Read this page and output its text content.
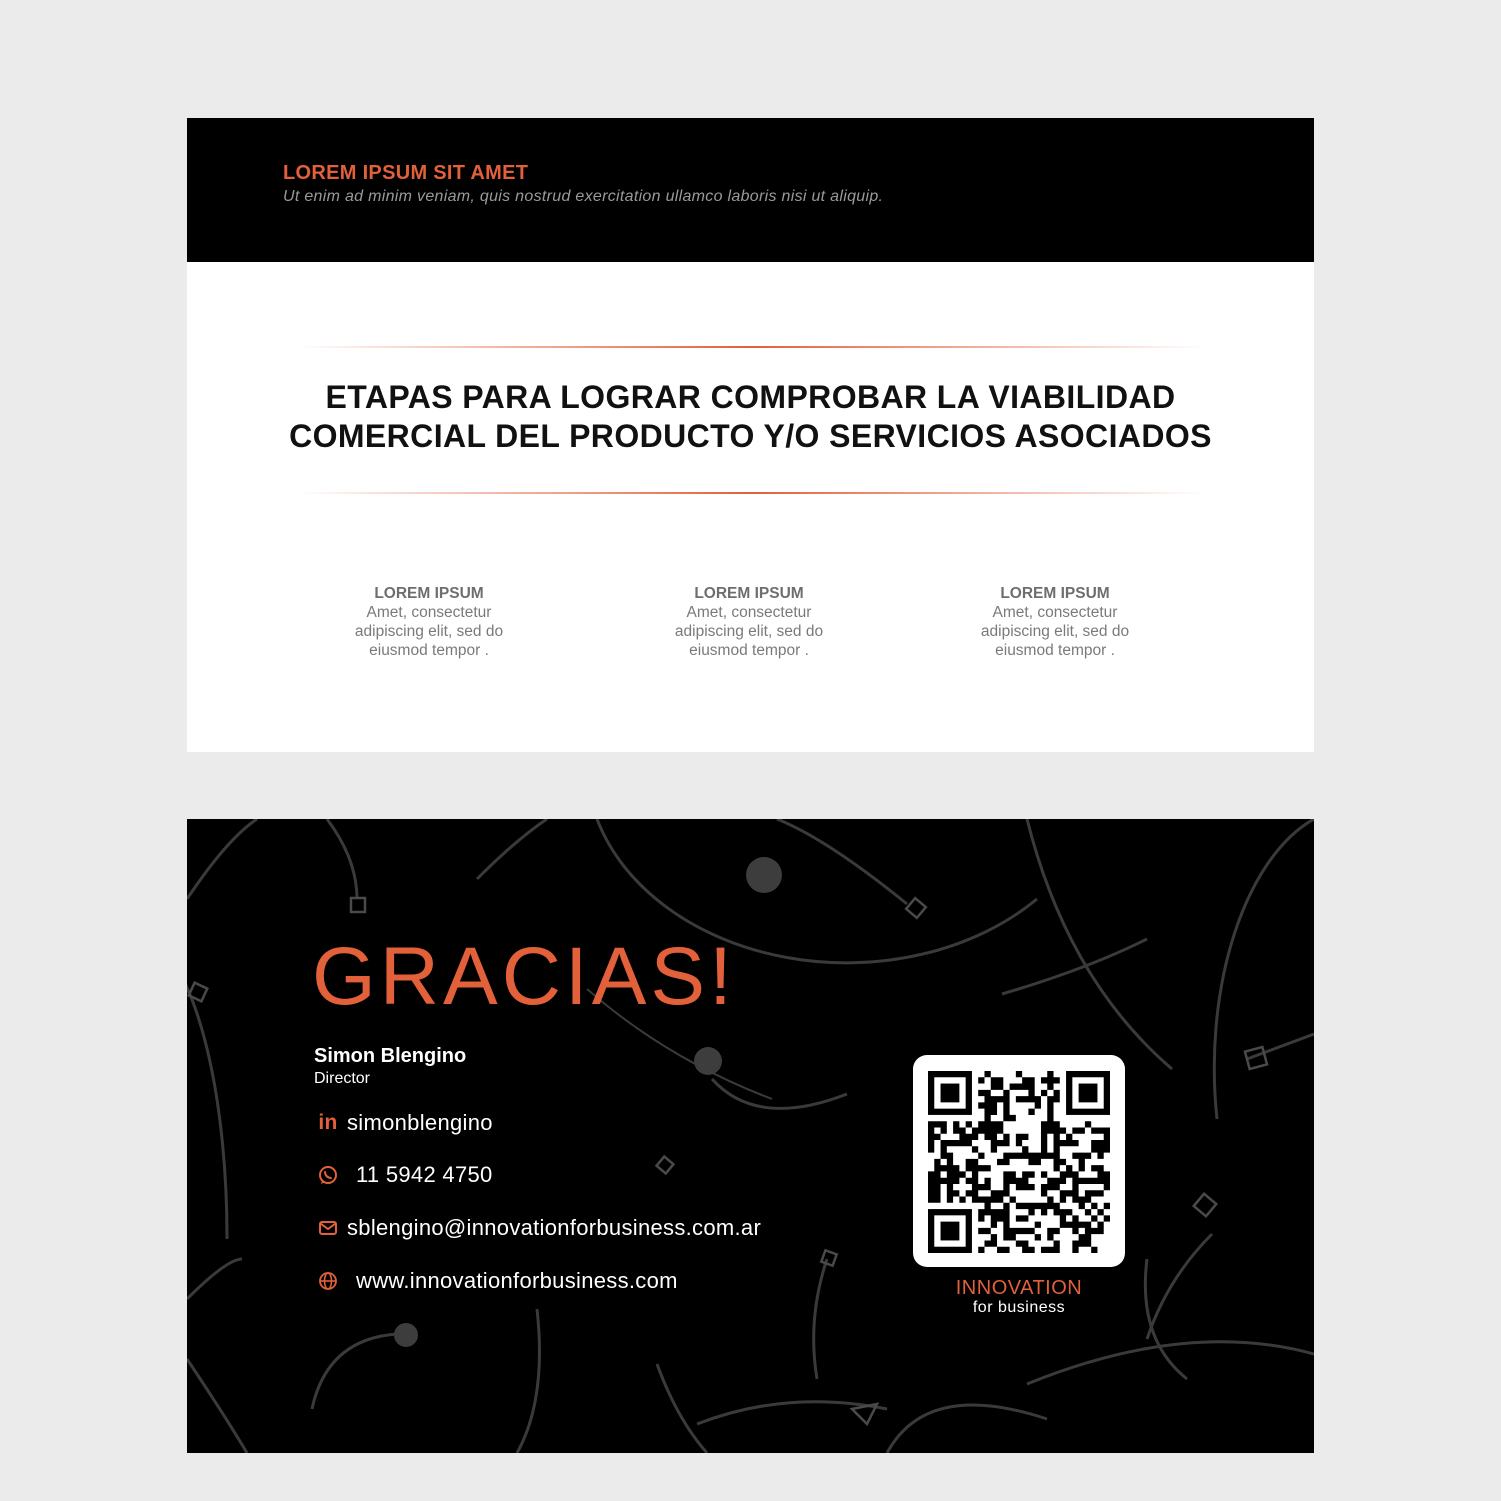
LOREM IPSUM SIT AMET
Ut enim ad minim veniam, quis nostrud exercitation ullamco laboris nisi ut aliquip.
ETAPAS PARA LOGRAR COMPROBAR LA VIABILIDAD
COMERCIAL DEL PRODUCTO Y/O SERVICIOS ASOCIADOS
LOREM IPSUM
Amet, consectetur
adipiscing elit, sed do
eiusmod tempor .
LOREM IPSUM
Amet, consectetur
adipiscing elit, sed do
eiusmod tempor .
LOREM IPSUM
Amet, consectetur
adipiscing elit, sed do
eiusmod tempor .
GRACIAS!
Simon Blengino
Director
in simonblengino
11 5942 4750
sblengino@innovationforbusiness.com.ar
www.innovationforbusiness.com	INNOVATION
for business
